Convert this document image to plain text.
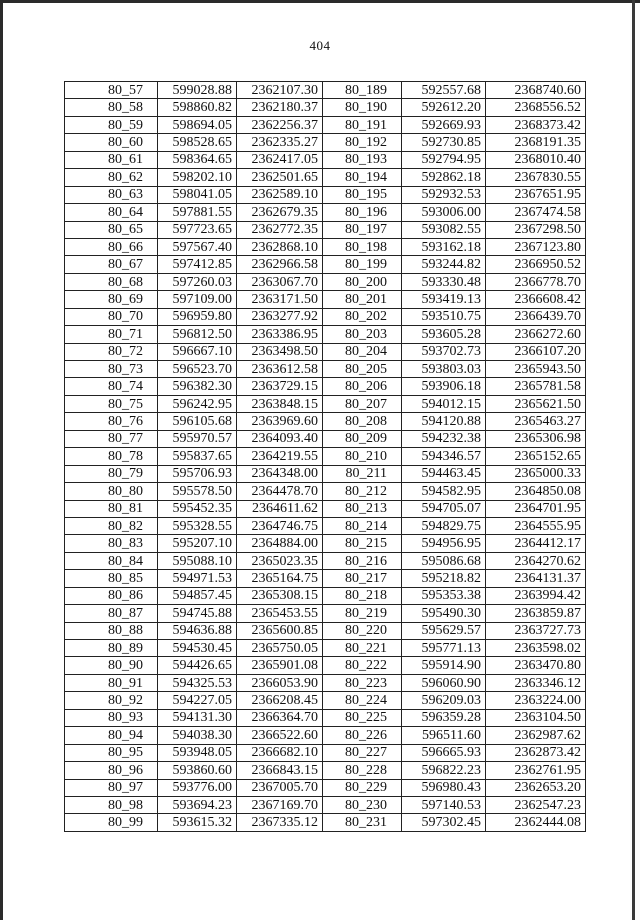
404
80_57	599028.88	2362107.30	80_189	592557.68	2368740.60
80_58	598860.82	2362180.37	80_190	592612.20	2368556.52
80_59	598694.05	2362256.37	80_191	592669.93	2368373.42
80_60	598528.65	2362335.27	80_192	592730.85	2368191.35
80_61	598364.65	2362417.05	80_193	592794.95	2368010.40
80_62	598202.10	2362501.65	80_194	592862.18	2367830.55
80_63	598041.05	2362589.10	80_195	592932.53	2367651.95
80_64	597881.55	2362679.35	80_196	593006.00	2367474.58
80_65	597723.65	2362772.35	80_197	593082.55	2367298.50
80_66	597567.40	2362868.10	80_198	593162.18	2367123.80
80_67	597412.85	2362966.58	80_199	593244.82	2366950.52
80_68	597260.03	2363067.70	80_200	593330.48	2366778.70
80_69	597109.00	2363171.50	80_201	593419.13	2366608.42
80_70	596959.80	2363277.92	80_202	593510.75	2366439.70
80_71	596812.50	2363386.95	80_203	593605.28	2366272.60
80_72	596667.10	2363498.50	80_204	593702.73	2366107.20
80_73	596523.70	2363612.58	80_205	593803.03	2365943.50
80_74	596382.30	2363729.15	80_206	593906.18	2365781.58
80_75	596242.95	2363848.15	80_207	594012.15	2365621.50
80_76	596105.68	2363969.60	80_208	594120.88	2365463.27
80_77	595970.57	2364093.40	80_209	594232.38	2365306.98
80_78	595837.65	2364219.55	80_210	594346.57	2365152.65
80_79	595706.93	2364348.00	80_211	594463.45	2365000.33
80_80	595578.50	2364478.70	80_212	594582.95	2364850.08
80_81	595452.35	2364611.62	80_213	594705.07	2364701.95
80_82	595328.55	2364746.75	80_214	594829.75	2364555.95
80_83	595207.10	2364884.00	80_215	594956.95	2364412.17
80_84	595088.10	2365023.35	80_216	595086.68	2364270.62
80_85	594971.53	2365164.75	80_217	595218.82	2364131.37
80_86	594857.45	2365308.15	80_218	595353.38	2363994.42
80_87	594745.88	2365453.55	80_219	595490.30	2363859.87
80_88	594636.88	2365600.85	80_220	595629.57	2363727.73
80_89	594530.45	2365750.05	80_221	595771.13	2363598.02
80_90	594426.65	2365901.08	80_222	595914.90	2363470.80
80_91	594325.53	2366053.90	80_223	596060.90	2363346.12
80_92	594227.05	2366208.45	80_224	596209.03	2363224.00
80_93	594131.30	2366364.70	80_225	596359.28	2363104.50
80_94	594038.30	2366522.60	80_226	596511.60	2362987.62
80_95	593948.05	2366682.10	80_227	596665.93	2362873.42
80_96	593860.60	2366843.15	80_228	596822.23	2362761.95
80_97	593776.00	2367005.70	80_229	596980.43	2362653.20
80_98	593694.23	2367169.70	80_230	597140.53	2362547.23
80_99	593615.32	2367335.12	80_231	597302.45	2362444.08
